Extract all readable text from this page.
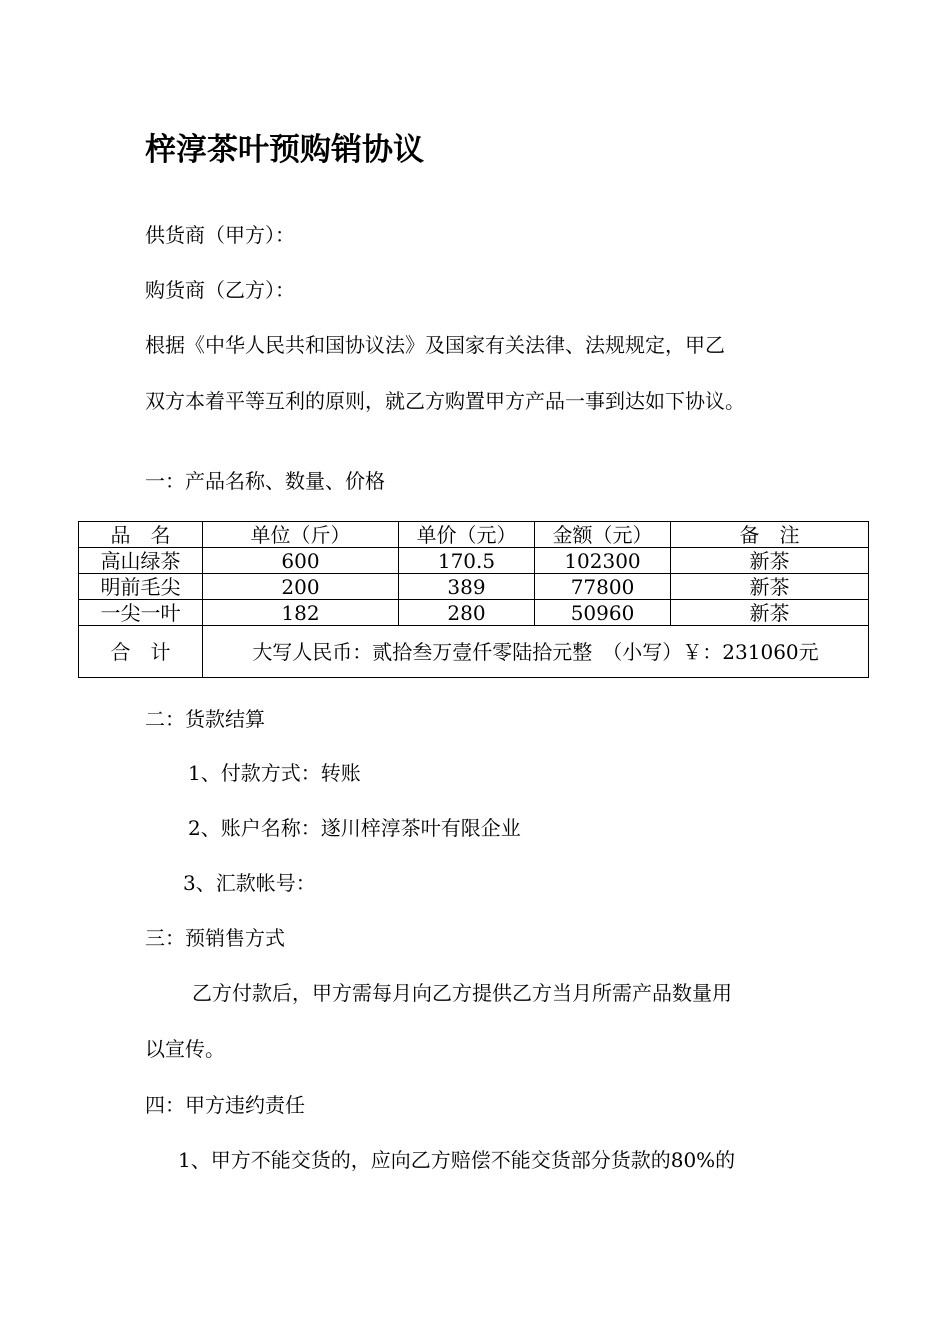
梓淳茶叶预购销协议
供货商（甲方）：
购货商（乙方）：
根据《中华人民共和国协议法》及国家有关法律、法规规定，甲乙
双方本着平等互利的原则，就乙方购置甲方产品一事到达如下协议。
一：产品名称、数量、价格
品　名	单位（斤）	单价（元）	金额（元）	备　注
高山绿茶	600	170.5	102300	新茶
明前毛尖	200	389	77800	新茶
一尖一叶	182	280	50960	新茶
合　计	大写人民币：贰拾叁万壹仟零陆拾元整　（小写）￥：231060元			
二：货款结算
1、付款方式：转账
2、账户名称：遂川梓淳茶叶有限企业
3、汇款帐号：
三：预销售方式
乙方付款后，甲方需每月向乙方提供乙方当月所需产品数量用
以宣传。
四：甲方违约责任
1、甲方不能交货的，应向乙方赔偿不能交货部分货款的80%的
